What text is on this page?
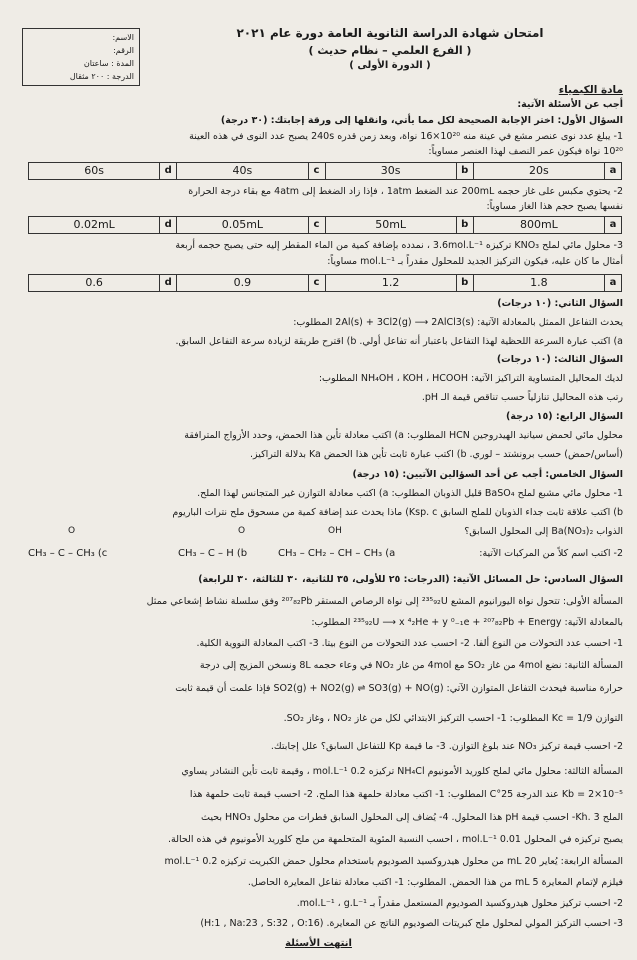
الاسم:
الرقم:
المدة : ساعتان
الدرجة : ٢٠٠ مثقال
امتحان شهادة الدراسة الثانوية العامة دورة عام ٢٠٢١
( الفرع العلمي – نظام حديث )
( الدورة الأولى )
مادة الكيمياء
أجب عن الأسئلة الآتية:
السؤال الأول: اختر الإجابة الصحيحة لكل مما يأتي، وانقلها إلى ورقة إجابتك: (٣٠ درجة)
1- يبلغ عدد نوى عنصر مشع في عينة منه 10²⁰×16 نواة، وبعد زمن قدره 240s يصبح عدد النوى في هذه العينة
10²⁰ نواة فيكون عمر النصف لهذا العنصر مساوياً:
a
20s
b
30s
c
40s
d
60s
2- يحتوي مكبس على غاز حجمه 200mL عند الضغط 1atm ، فإذا زاد الضغط إلى 4atm مع بقاء درجة الحرارة
نفسها يصبح حجم هذا الغاز مساوياً:
a
800mL
b
50mL
c
0.05mL
d
0.02mL
3- محلول مائي لملح KNO₃ تركيزه 3.6mol.L⁻¹ ، نمدده بإضافة كمية من الماء المقطر إليه حتى يصبح حجمه أربعة
أمثال ما كان عليه، فيكون التركيز الجديد للمحلول مقدراً بـ mol.L⁻¹ مساوياً:
a
1.8
b
1.2
c
0.9
d
0.6
السؤال الثاني: (١٠ درجات)
يحدث التفاعل الممثل بالمعادلة الآتية: 2Al(s) + 3Cl2(g) ⟶ 2AlCl3(s) المطلوب:
a) اكتب عبارة السرعة اللحظية لهذا التفاعل باعتبار أنه تفاعل أولي. b) اقترح طريقة لزيادة سرعة التفاعل السابق.
السؤال الثالث: (١٠ درجات)
لديك المحاليل المتساوية التراكيز الآتية: NH₄OH ، KOH ، HCOOH المطلوب:
رتب هذه المحاليل تنازلياً حسب تناقص قيمة الـ pH.
السؤال الرابع: (١٥ درجة)
محلول مائي لحمض سيانيد الهيدروجين HCN المطلوب: a) اكتب معادلة تأين هذا الحمض، وحدد الأزواج المترافقة
(أساس/حمض) حسب برونشتد – لوري. b) اكتب عبارة ثابت تأين هذا الحمض Ka بدلالة التراكيز.
السؤال الخامس: أجب عن أحد السؤالين الآتيين: (١٥ درجة)
1- محلول مائي مشبع لملح BaSO₄ قليل الذوبان المطلوب: a) اكتب معادلة التوازن غير المتجانس لهذا الملح.
b) اكتب علاقة ثابت جداء الذوبان للملح السابق Ksp. c) ماذا يحدث عند إضافة كمية من مسحوق ملح نترات الباريوم
الذواب Ba(NO₃)₂ إلى المحلول السابق؟
2- اكتب اسم كلاً من المركبات الآتية:
OH
O
O
CH₃ – CH₂ – CH – CH₃ (a
CH₃ – C – H (b
CH₃ – C – CH₃ (c
السؤال السادس: حل المسائل الآتية: (الدرجات: ٢٥ للأولى، ٣٥ للثانية، ٣٠ للثالثة، ٣٠ للرابعة)
المسألة الأولى: تتحول نواة اليورانيوم المشع ²³⁵₉₂U إلى نواة الرصاص المستقر ²⁰⁷₈₂Pb وفق سلسلة نشاط إشعاعي ممثل
بالمعادلة الآتية: ²³⁵₉₂U ⟶ x ⁴₂He + y ⁰₋₁e + ²⁰⁷₈₂Pb + Energy المطلوب:
1- احسب عدد التحولات من النوع ألفا. 2- احسب عدد التحولات من النوع بيتا. 3- اكتب المعادلة النووية الكلية.
المسألة الثانية: نضع 4mol من غاز SO₂ مع 4mol من غاز NO₂ في وعاء حجمه 8L ونسخن المزيج إلى درجة
حرارة مناسبة فيحدث التفاعل المتوازن الآتي: SO2(g) + NO2(g) ⇌ SO3(g) + NO(g) فإذا علمت أن قيمة ثابت
التوازن Kc = 1/9 المطلوب: 1- احسب التركيز الابتدائي لكل من غاز NO₂ ، وغاز SO₂.
2- احسب قيمة تركيز NO₃ عند بلوغ التوازن. 3- ما قيمة Kp للتفاعل السابق؟ علل إجابتك.
المسألة الثالثة: محلول مائي لملح كلوريد الأمونيوم NH₄Cl تركيزه 0.2 mol.L⁻¹ ، وقيمة ثابت تأين النشادر يساوي
Kb = 2×10⁻⁵ عند الدرجة 25°C المطلوب: 1- اكتب معادلة حلمهة هذا الملح. 2- احسب قيمة ثابت حلمهة هذا
الملح Kh. 3- احسب قيمة pH هذا المحلول. 4- يُضاف إلى المحلول السابق قطرات من محلول HNO₃ بحيث
يصبح تركيزه في المحلول 0.01 mol.L⁻¹ ، احسب النسبة المئوية المتحلمهة من ملح كلوريد الأمونيوم في هذه الحالة.
المسألة الرابعة: يُعاير 20 mL من محلول هيدروكسيد الصوديوم باستخدام محلول حمض الكبريت تركيزه 0.2 mol.L⁻¹
فيلزم لإتمام المعايرة 5 mL من هذا الحمض. المطلوب: 1- اكتب معادلة تفاعل المعايرة الحاصل.
2- احسب تركيز محلول هيدروكسيد الصوديوم المستعمل مقدراً بـ mol.L⁻¹ ، g.L⁻¹.
3- احسب التركيز المولي لمحلول ملح كبريتات الصوديوم الناتج عن المعايرة. (H:1 , Na:23 , S:32 , O:16)
انتهت الأسئلة
